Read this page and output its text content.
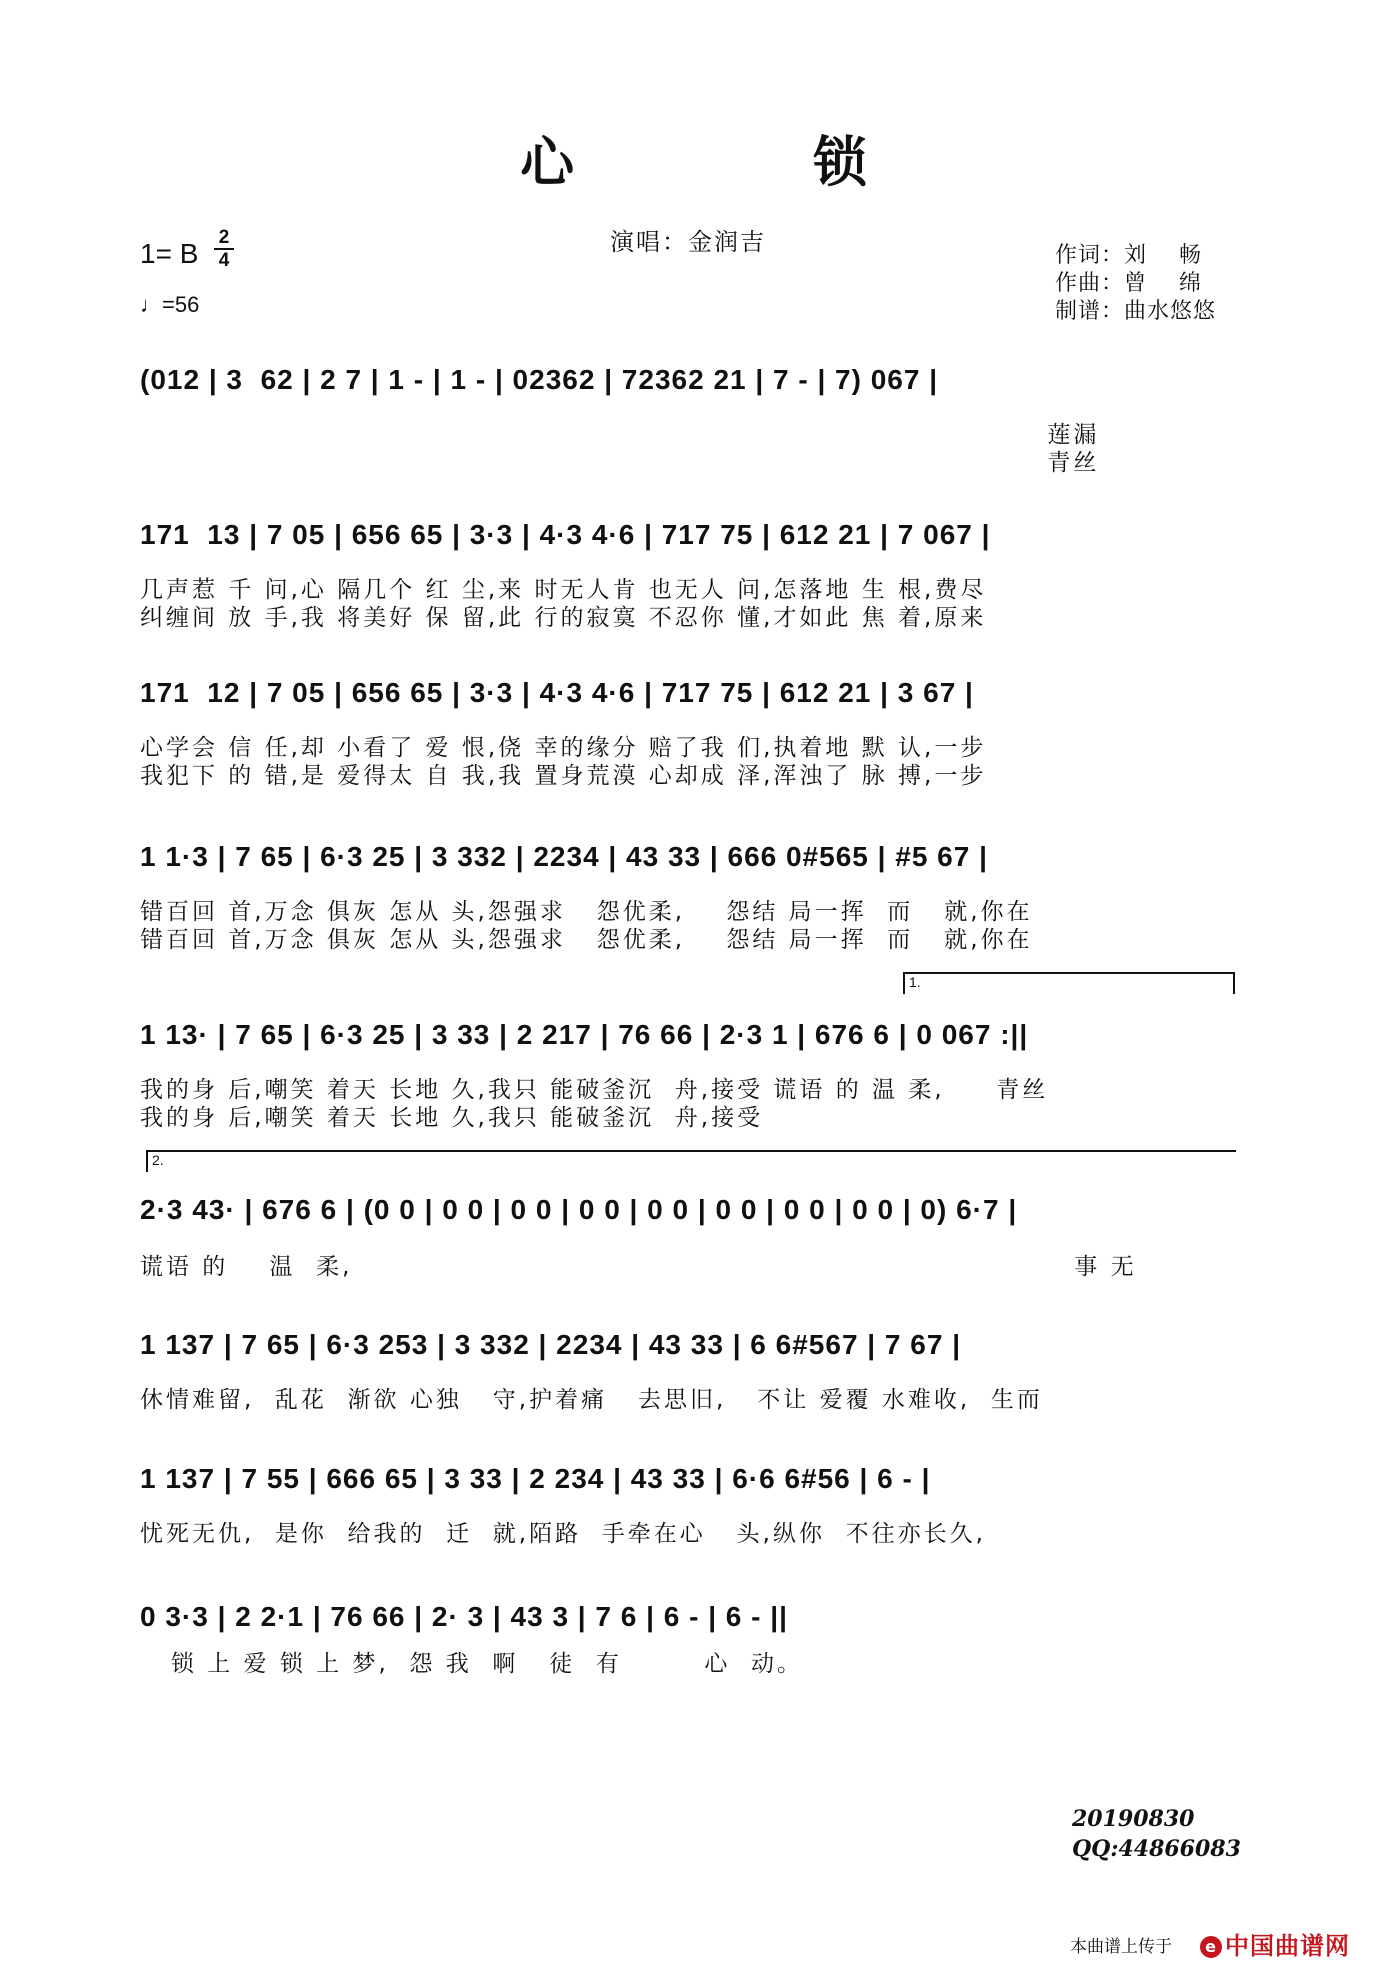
心 锁
演唱：金润吉	作词：刘    畅
作曲：曾    绵
制谱：曲水悠悠
1= B
2
4
♩=56
(012 | 3  62 | 2 7 | 1 - | 1 - | 02362 | 72362 21 | 7 - | 7) 067 |
莲漏
青丝
171  13 | 7 05 | 656 65 | 3·3 | 4·3 4·6 | 717 75 | 612 21 | 7 067 |
几声惹 千 问,心 隔几个 红 尘,来 时无人肯 也无人 问,怎落地 生 根,费尽
纠缠间 放 手,我 将美好 保 留,此 行的寂寞 不忍你 懂,才如此 焦 着,原来
171  12 | 7 05 | 656 65 | 3·3 | 4·3 4·6 | 717 75 | 612 21 | 3 67 |
心学会 信 任,却 小看了 爱 恨,侥 幸的缘分 赔了我 们,执着地 默 认,一步
我犯下 的 错,是 爱得太 自 我,我 置身荒漠 心却成 泽,浑浊了 脉 搏,一步
1 1·3 | 7 65 | 6·3 25 | 3 332 | 2234 | 43 33 | 666 0#565 | #5 67 |
错百回 首,万念 俱灰 怎从 头,怨强求   怨优柔,    怨结 局一挥  而   就,你在
错百回 首,万念 俱灰 怎从 头,怨强求   怨优柔,    怨结 局一挥  而   就,你在
1.
1 13· | 7 65 | 6·3 25 | 3 33 | 2 217 | 76 66 | 2·3 1 | 676 6 | 0 067 :||
我的身 后,嘲笑 着天 长地 久,我只 能破釜沉  舟,接受 谎语 的 温 柔,     青丝
我的身 后,嘲笑 着天 长地 久,我只 能破釜沉  舟,接受
2.
2·3 43· | 676 6 | (0 0 | 0 0 | 0 0 | 0 0 | 0 0 | 0 0 | 0 0 | 0 0 | 0) 6·7 |
谎语 的    温  柔,                                                                      事 无
1 137 | 7 65 | 6·3 253 | 3 332 | 2234 | 43 33 | 6 6#567 | 7 67 |
休情难留,  乱花  渐欲 心独   守,护着痛   去思旧,   不让 爱覆 水难收,  生而
1 137 | 7 55 | 666 65 | 3 33 | 2 234 | 43 33 | 6·6 6#56 | 6 - |
忧死无仇,  是你  给我的  迁  就,陌路  手牵在心   头,纵你  不往亦长久,
0 3·3 | 2 2·1 | 76 66 | 2· 3 | 43 3 | 7 6 | 6 - | 6 - ||
锁 上 爱 锁 上 梦,  怨 我  啊   徒  有        心  动。
20190830
QQ:44866083
本曲谱上传于	e 中国曲谱网
